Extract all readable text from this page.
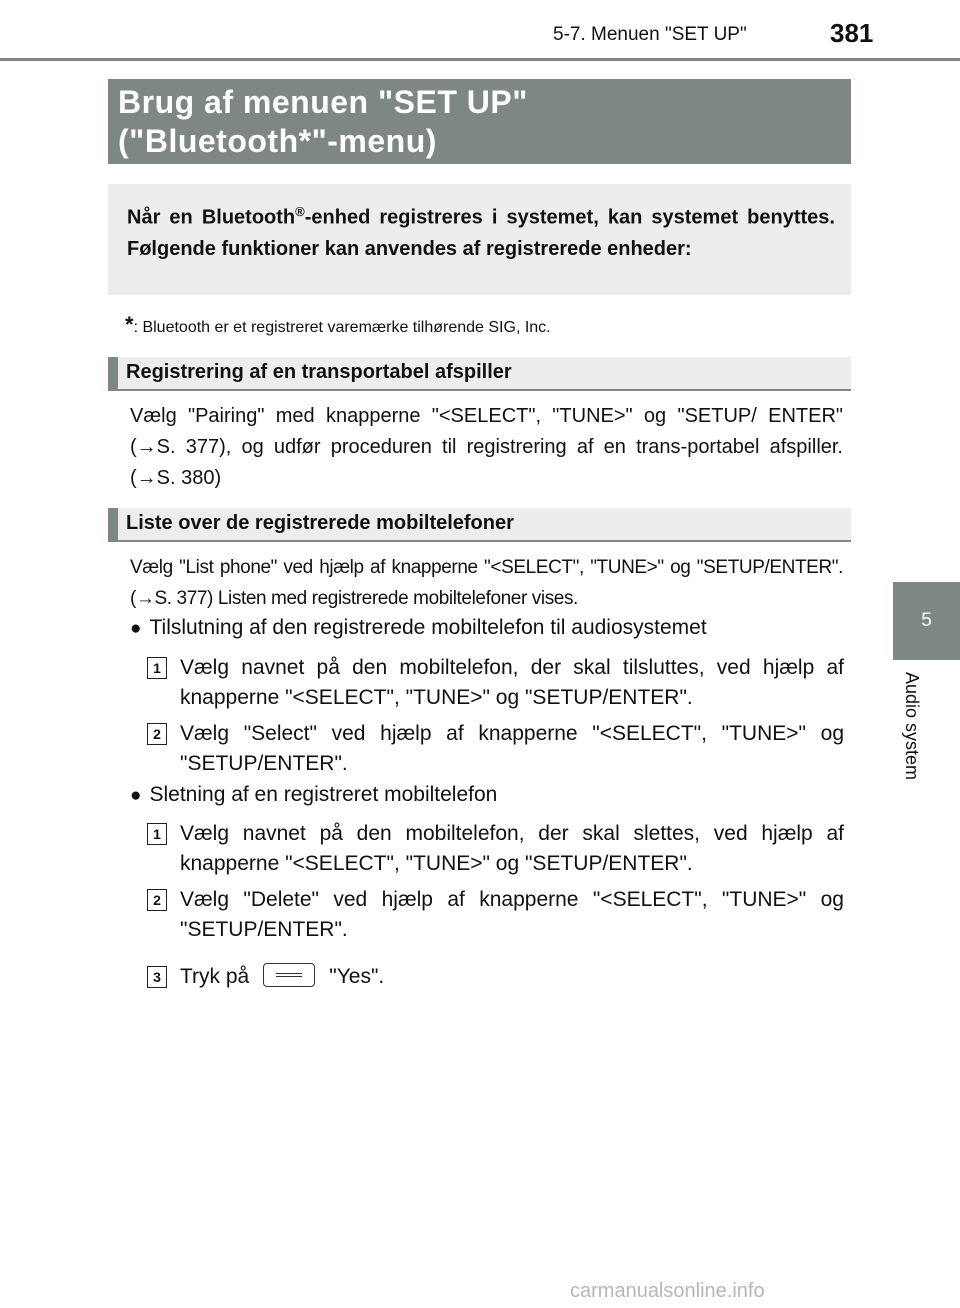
5-7. Menuen "SET UP"	381
5
Audio system
Brug af menuen "SET UP"
("Bluetooth*"-menu)
Når en Bluetooth®-enhed registreres i systemet, kan systemet benyttes. Følgende funktioner kan anvendes af registrerede enheder:
*: Bluetooth er et registreret varemærke tilhørende SIG, Inc.
Registrering af en transportabel afspiller
Vælg "Pairing" med knapperne "<SELECT", "TUNE>" og "SETUP/ ENTER" (→S. 377), og udfør proceduren til registrering af en trans-portabel afspiller. (→S. 380)
Liste over de registrerede mobiltelefoner
Vælg "List phone" ved hjælp af knapperne "<SELECT", "TUNE>" og "SETUP/ENTER". (→S. 377) Listen med registrerede mobiltelefoner vises.
● Tilslutning af den registrerede mobiltelefon til audiosystemet
1 Vælg navnet på den mobiltelefon, der skal tilsluttes, ved hjælp af knapperne "<SELECT", "TUNE>" og "SETUP/ENTER".
2 Vælg "Select" ved hjælp af knapperne "<SELECT", "TUNE>" og "SETUP/ENTER".
● Sletning af en registreret mobiltelefon
1 Vælg navnet på den mobiltelefon, der skal slettes, ved hjælp af knapperne "<SELECT", "TUNE>" og "SETUP/ENTER".
2 Vælg "Delete" ved hjælp af knapperne "<SELECT", "TUNE>" og "SETUP/ENTER".
3 Tryk på	"Yes".
carmanualsonline.info
